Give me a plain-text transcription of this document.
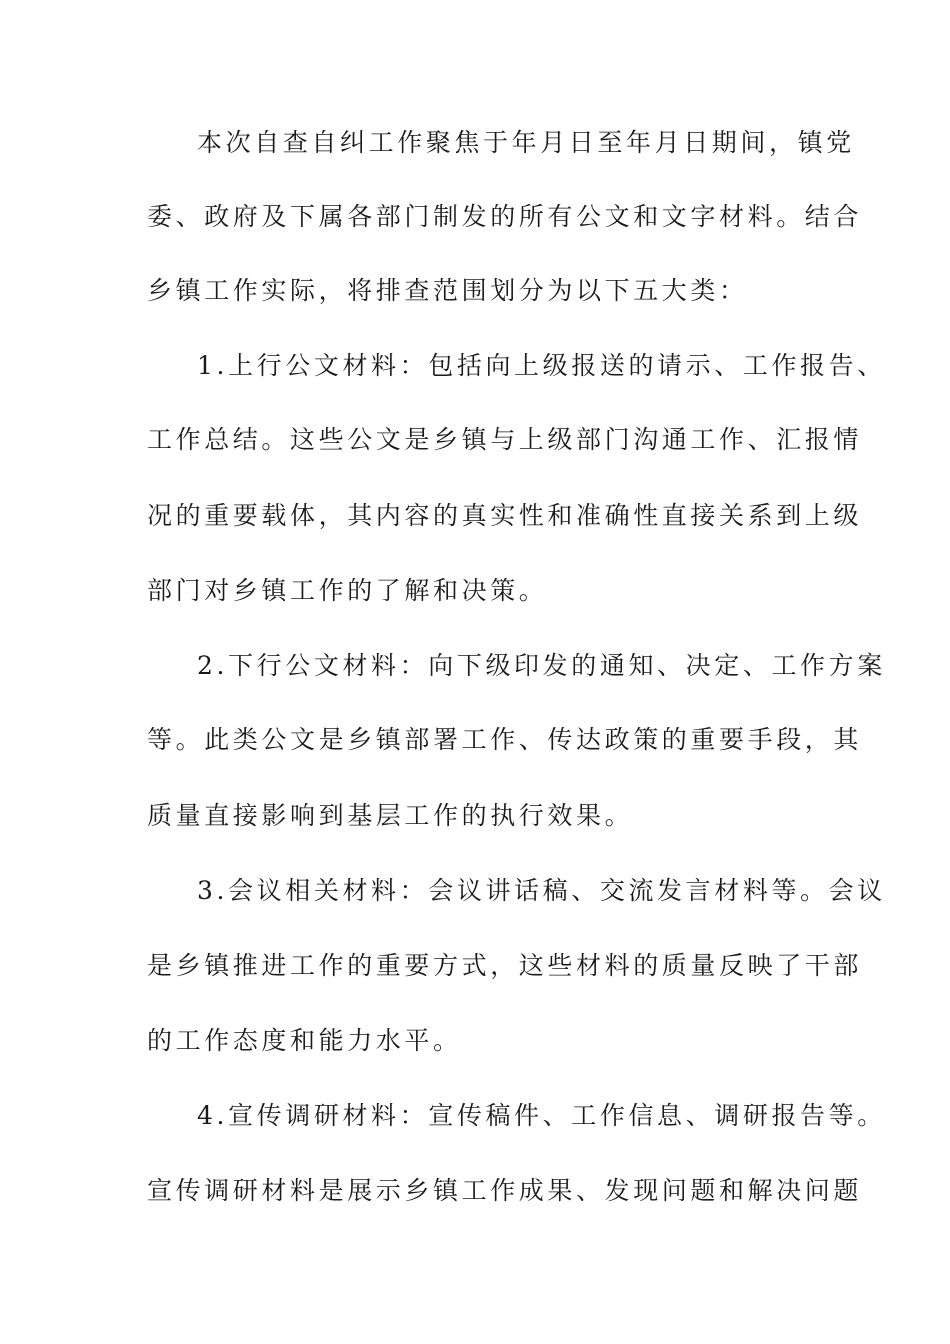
本次自查自纠工作聚焦于年月日至年月日期间，镇党
委、政府及下属各部门制发的所有公文和文字材料。结合
乡镇工作实际，将排查范围划分为以下五大类：
1.上行公文材料：包括向上级报送的请示、工作报告、
工作总结。这些公文是乡镇与上级部门沟通工作、汇报情
况的重要载体，其内容的真实性和准确性直接关系到上级
部门对乡镇工作的了解和决策。
2.下行公文材料：向下级印发的通知、决定、工作方案
等。此类公文是乡镇部署工作、传达政策的重要手段，其
质量直接影响到基层工作的执行效果。
3.会议相关材料：会议讲话稿、交流发言材料等。会议
是乡镇推进工作的重要方式，这些材料的质量反映了干部
的工作态度和能力水平。
4.宣传调研材料：宣传稿件、工作信息、调研报告等。
宣传调研材料是展示乡镇工作成果、发现问题和解决问题
